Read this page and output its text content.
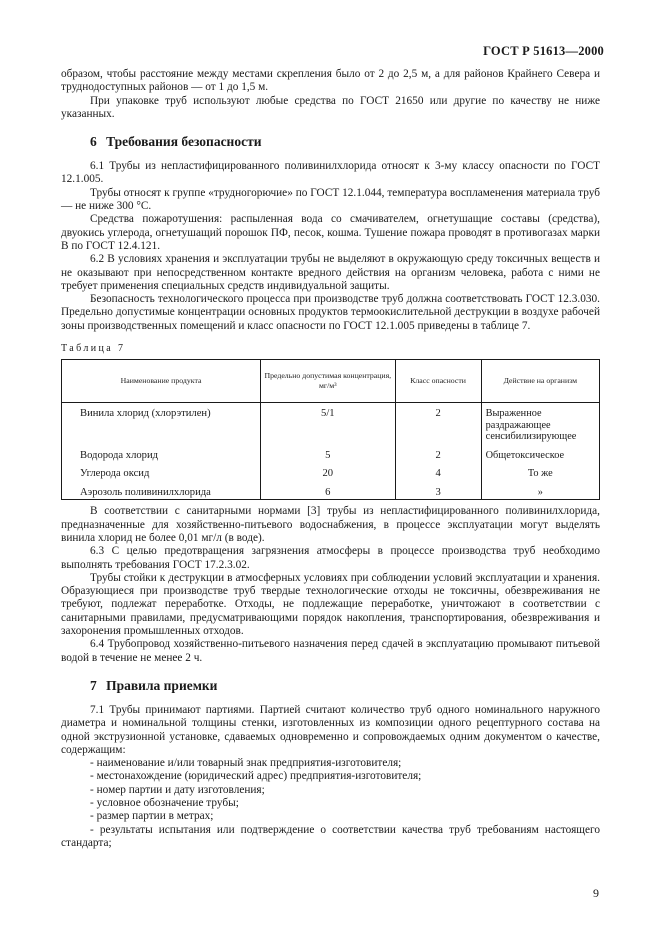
ГОСТ Р 51613—2000

образом, чтобы расстояние между местами скрепления было от 2 до 2,5 м, а для районов Крайнего Севера и труднодоступных районов — от 1 до 1,5 м.

При упаковке труб используют любые средства по ГОСТ 21650 или другие по качеству не ниже указанных.

6 Требования безопасности

6.1 Трубы из непластифицированного поливинилхлорида относят к 3-му классу опасности по ГОСТ 12.1.005.

Трубы относят к группе «трудногорючие» по ГОСТ 12.1.044, температура воспламенения материала труб — не ниже 300 °С.

Средства пожаротушения: распыленная вода со смачивателем, огнетушащие составы (средства), двуокись углерода, огнетушащий порошок ПФ, песок, кошма. Тушение пожара проводят в противогазах марки В по ГОСТ 12.4.121.

6.2 В условиях хранения и эксплуатации трубы не выделяют в окружающую среду токсичных веществ и не оказывают при непосредственном контакте вредного действия на организм человека, работа с ними не требует применения специальных средств индивидуальной защиты.

Безопасность технологического процесса при производстве труб должна соответствовать ГОСТ 12.3.030. Предельно допустимые концентрации основных продуктов термоокислительной деструкции в воздухе рабочей зоны производственных помещений и класс опасности по ГОСТ 12.1.005 приведены в таблице 7.

Таблица 7
Наименование продукта	Предельно допустимая концентрация, мг/м³	Класс опасности	Действие на организм
Винила хлорид (хлорэтилен)	5/1	2	Выраженное раздражающее сенсибилизирующее
Водорода хлорид	5	2	Общетоксическое
Углерода оксид	20	4	То же
Аэрозоль поливинилхлорида	6	3	»

В соответствии с санитарными нормами [3] трубы из непластифицированного поливинилхлорида, предназначенные для хозяйственно-питьевого водоснабжения, в процессе эксплуатации могут выделять винила хлорид не более 0,01 мг/л (в воде).

6.3 С целью предотвращения загрязнения атмосферы в процессе производства труб необходимо выполнять требования ГОСТ 17.2.3.02.

Трубы стойки к деструкции в атмосферных условиях при соблюдении условий эксплуатации и хранения. Образующиеся при производстве труб твердые технологические отходы не токсичны, обезвреживания не требуют, подлежат переработке. Отходы, не подлежащие переработке, уничтожают в соответствии с санитарными правилами, предусматривающими порядок накопления, транспортирования, обезвреживания и захоронения промышленных отходов.

6.4 Трубопровод хозяйственно-питьевого назначения перед сдачей в эксплуатацию промывают питьевой водой в течение не менее 2 ч.

7 Правила приемки

7.1 Трубы принимают партиями. Партией считают количество труб одного номинального наружного диаметра и номинальной толщины стенки, изготовленных из композиции одного рецептурного состава на одной экструзионной установке, сдаваемых одновременно и сопровождаемых одним документом о качестве, содержащим:

- наименование и/или товарный знак предприятия-изготовителя;

- местонахождение (юридический адрес) предприятия-изготовителя;

- номер партии и дату изготовления;

- условное обозначение трубы;

- размер партии в метрах;

- результаты испытания или подтверждение о соответствии качества труб требованиям настоящего стандарта;

9
